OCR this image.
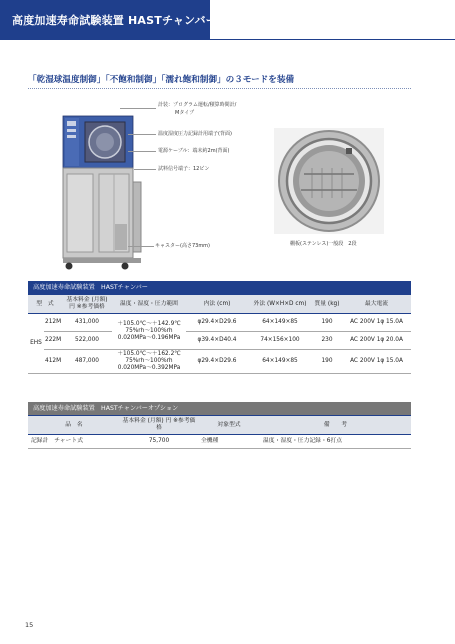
高度加速寿命試験装置 HASTチャンバー
「乾湿球温度制御」「不飽和制御」「濡れ飽和制御」の３モードを装備
計装：プログラム運転/積算時間計/
Mタイプ
温度湿度圧力記録計用端子(背面)
電源ケーブル：端末約2m(背面)
試料信号端子：12ピン
キャスター(高さ73mm)	棚板(ステンレス)一般段　2段
高度加速寿命試験装置　HASTチャンバー
型　式		基本料金 (月額) 円 ※参考価格	温度・湿度・圧力範囲	内法 (cm)	外法 (W×H×D cm)	質量 (kg)	最大電流
EHS	212M	431,000	＋105.0℃～＋142.9℃
75%rh～100%rh
0.020MPa～0.196MPa	φ29.4×D29.6	64×149×85	190	AC 200V 1φ 15.0A
	222M	522,000		φ39.4×D40.4	74×156×100	230	AC 200V 1φ 20.0A
	412M	487,000	＋105.0℃～＋162.2℃
75%rh～100%rh
0.020MPa～0.392MPa	φ29.4×D29.6	64×149×85	190	AC 200V 1φ 15.0A
高度加速寿命試験装置　HASTチャンバーオプション
品　名	基本料金 (月額) 円 ※参考価格	対象型式	備　　考
記録計　チャート式	75,700	全機種	温度・湿度・圧力記録・6打点
15
